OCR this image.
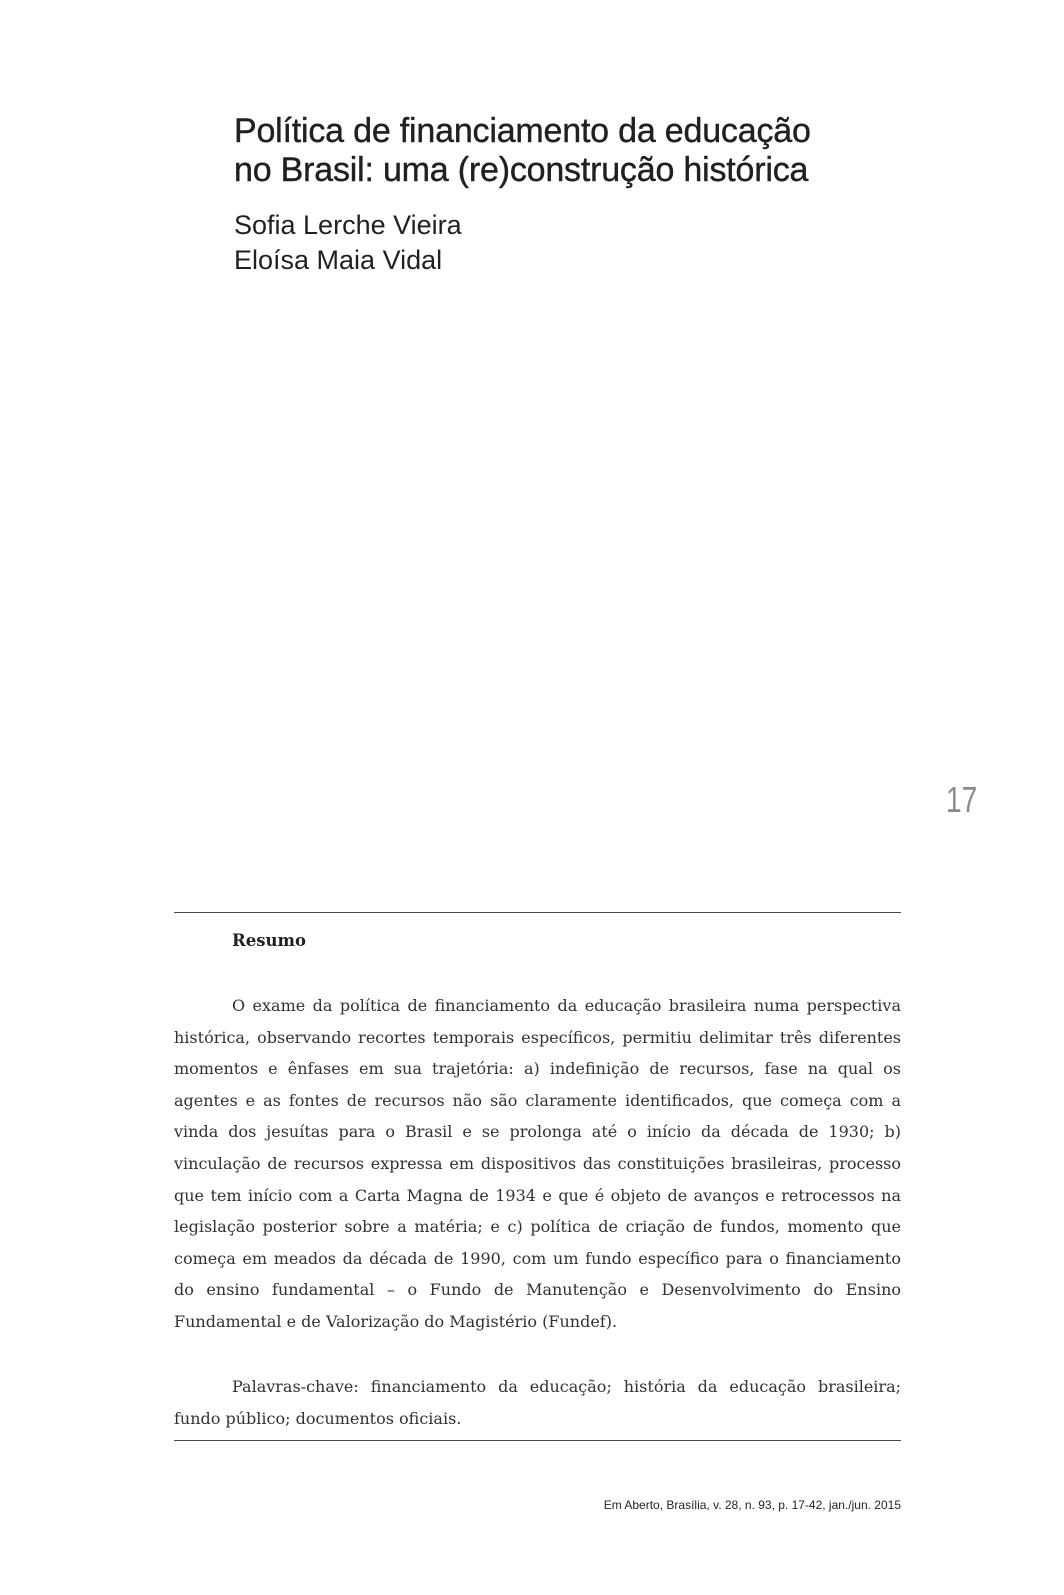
Política de financiamento da educação
no Brasil: uma (re)construção histórica
Sofia Lerche Vieira
Eloísa Maia Vidal
17
Resumo

O exame da política de financiamento da educação brasileira numa perspectiva histórica, observando recortes temporais específicos, permitiu delimitar três diferentes momentos e ênfases em sua trajetória: a) indefinição de recursos, fase na qual os agentes e as fontes de recursos não são claramente identificados, que começa com a vinda dos jesuítas para o Brasil e se prolonga até o início da década de 1930; b) vinculação de recursos expressa em dispositivos das constituições brasileiras, processo que tem início com a Carta Magna de 1934 e que é objeto de avanços e retrocessos na legislação posterior sobre a matéria; e c) política de criação de fundos, momento que começa em meados da década de 1990, com um fundo específico para o financiamento do ensino fundamental – o Fundo de Manutenção e Desenvolvimento do Ensino Fundamental e de Valorização do Magistério (Fundef).

Palavras-chave: financiamento da educação; história da educação brasileira; fundo público; documentos oficiais.

Em Aberto, Brasília, v. 28, n. 93, p. 17-42, jan./jun. 2015
